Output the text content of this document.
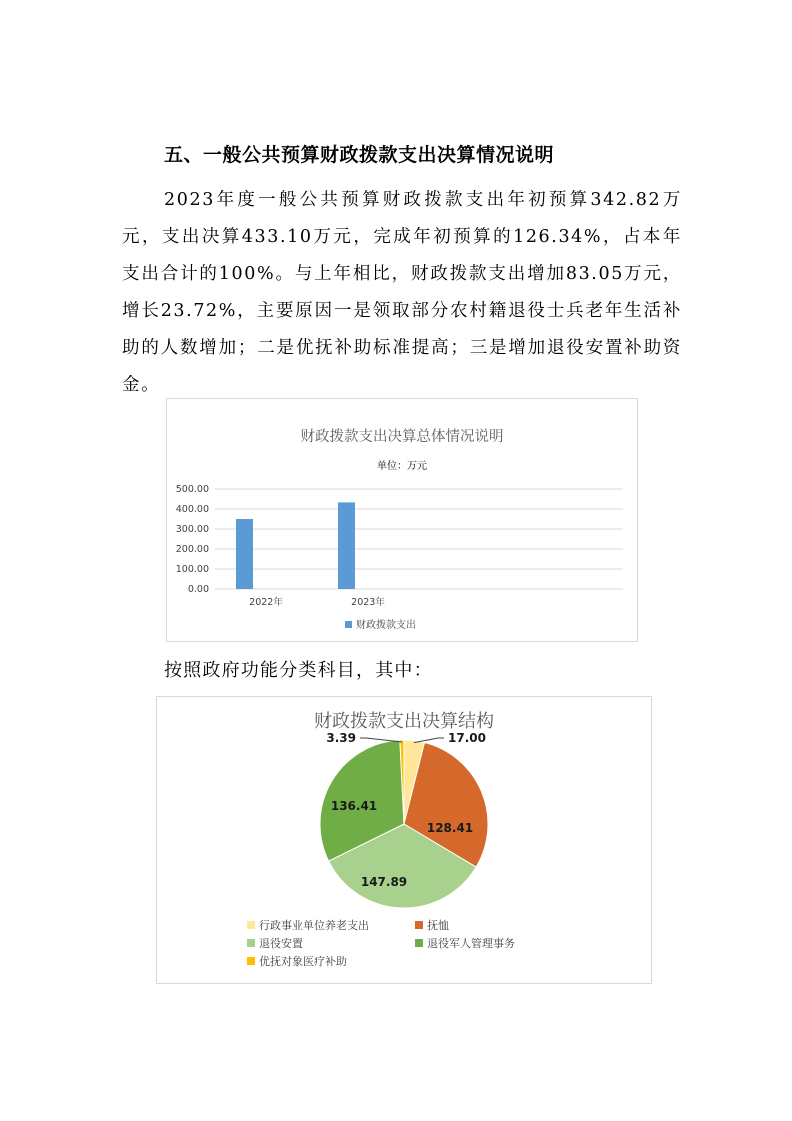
五、一般公共预算财政拨款支出决算情况说明
2023年度一般公共预算财政拨款支出年初预算342.82万元，支出决算433.10万元，完成年初预算的126.34%，占本年支出合计的100%。与上年相比，财政拨款支出增加83.05万元，增长23.72%，主要原因一是领取部分农村籍退役士兵老年生活补助的人数增加；二是优抚补助标准提高；三是增加退役安置补助资金。
财政拨款支出决算总体情况说明
单位：万元
0.00
100.00
200.00
300.00
400.00
500.00
2022年	2023年
财政拨款支出
按照政府功能分类科目，其中：
财政拨款支出决算结构
17.00
128.41
147.89
136.41
3.39
行政事业单位养老支出	抚恤
退役安置	退役军人管理事务
优抚对象医疗补助
